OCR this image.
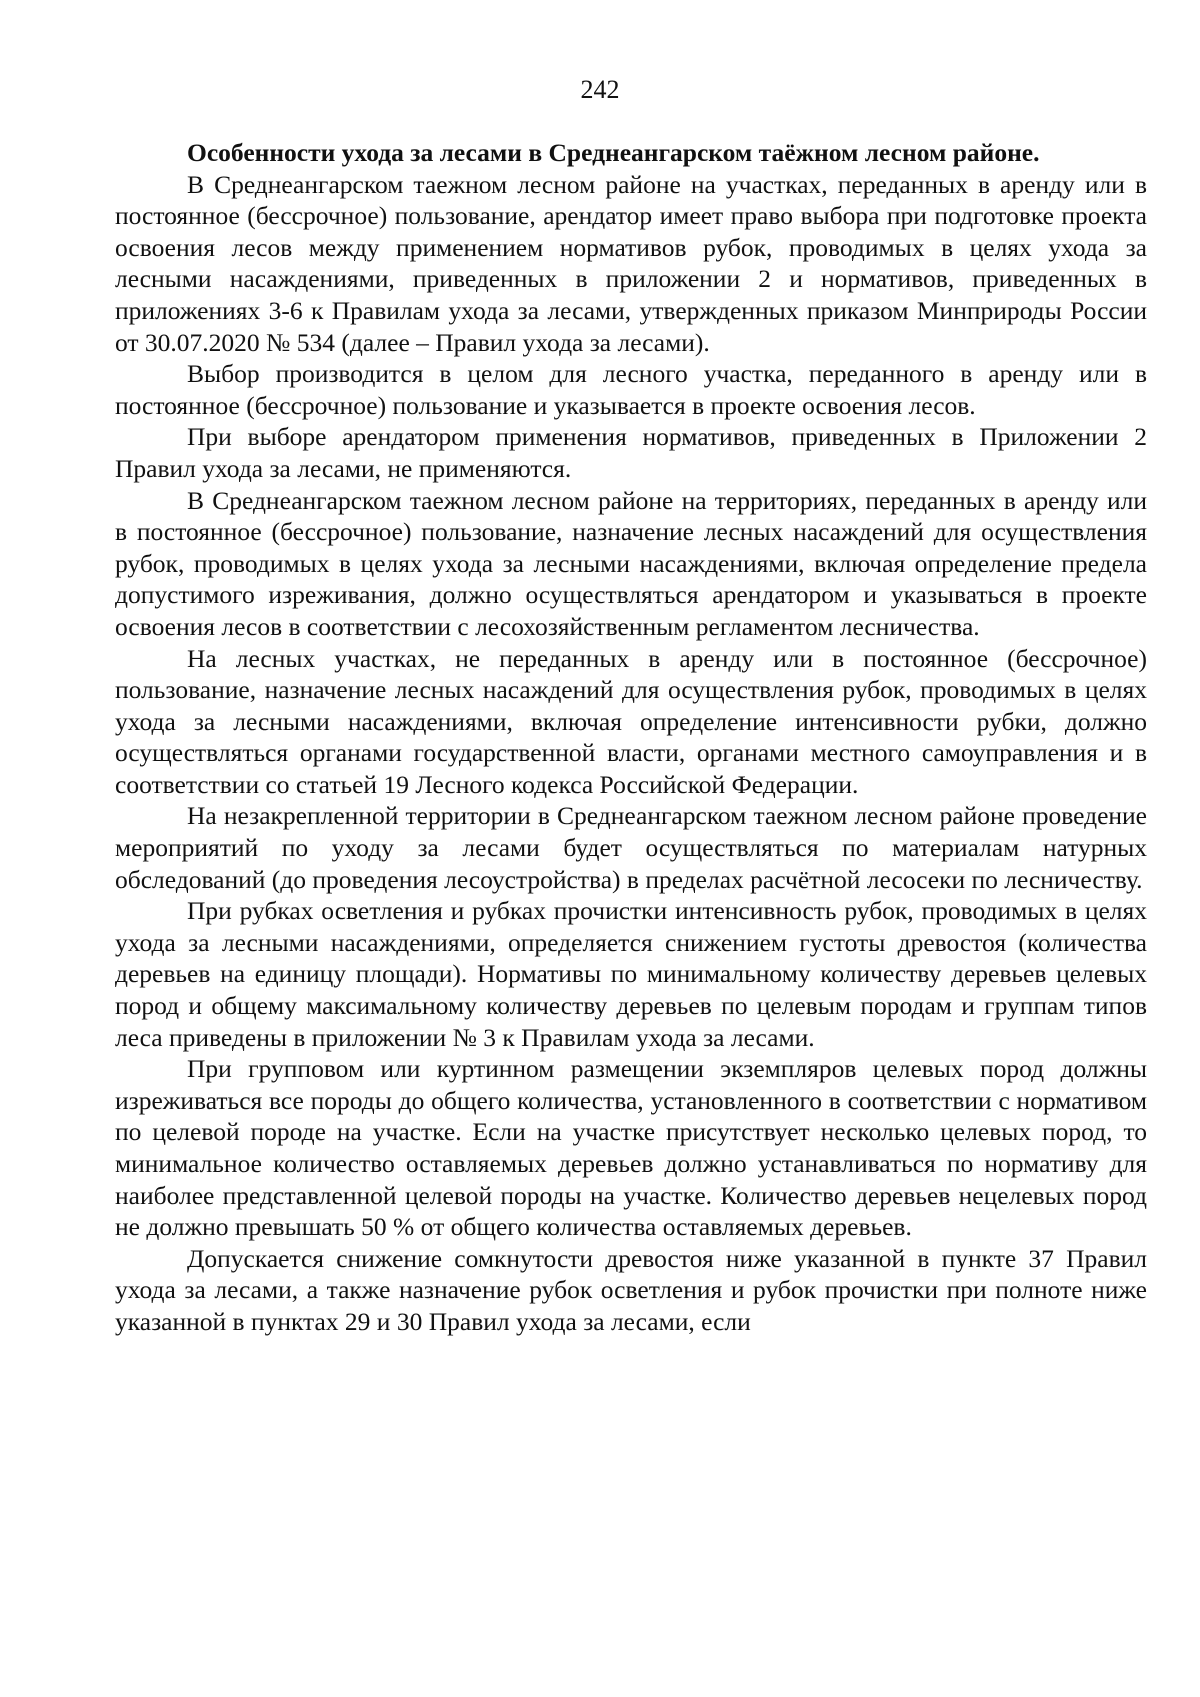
242

Особенности ухода за лесами в Среднеангарском таёжном лесном районе.

В Среднеангарском таежном лесном районе на участках, переданных в аренду или в постоянное (бессрочное) пользование, арендатор имеет право выбора при подготовке проекта освоения лесов между применением нормативов рубок, проводимых в целях ухода за лесными насаждениями, приведенных в приложении 2 и нормативов, приведенных в приложениях 3-6 к Правилам ухода за лесами, утвержденных приказом Минприроды России от 30.07.2020 № 534 (далее – Правил ухода за лесами).

Выбор производится в целом для лесного участка, переданного в аренду или в постоянное (бессрочное) пользование и указывается в проекте освоения лесов.

При выборе арендатором применения нормативов, приведенных в Приложении 2 Правил ухода за лесами, не применяются.

В Среднеангарском таежном лесном районе на территориях, переданных в аренду или в постоянное (бессрочное) пользование, назначение лесных насаждений для осуществления рубок, проводимых в целях ухода за лесными насаждениями, включая определение предела допустимого изреживания, должно осуществляться арендатором и указываться в проекте освоения лесов в соответствии с лесохозяйственным регламентом лесничества.

На лесных участках, не переданных в аренду или в постоянное (бессрочное) пользование, назначение лесных насаждений для осуществления рубок, проводимых в целях ухода за лесными насаждениями, включая определение интенсивности рубки, должно осуществляться органами государственной власти, органами местного самоуправления и в соответствии со статьей 19 Лесного кодекса Российской Федерации.

На незакрепленной территории в Среднеангарском таежном лесном районе проведение мероприятий по уходу за лесами будет осуществляться по материалам натурных обследований (до проведения лесоустройства) в пределах расчётной лесосеки по лесничеству.

При рубках осветления и рубках прочистки интенсивность рубок, проводимых в целях ухода за лесными насаждениями, определяется снижением густоты древостоя (количества деревьев на единицу площади). Нормативы по минимальному количеству деревьев целевых пород и общему максимальному количеству деревьев по целевым породам и группам типов леса приведены в приложении № 3 к Правилам ухода за лесами.

При групповом или куртинном размещении экземпляров целевых пород должны изреживаться все породы до общего количества, установленного в соответствии с нормативом по целевой породе на участке. Если на участке присутствует несколько целевых пород, то минимальное количество оставляемых деревьев должно устанавливаться по нормативу для наиболее представленной целевой породы на участке. Количество деревьев нецелевых пород не должно превышать 50 % от общего количества оставляемых деревьев.

Допускается снижение сомкнутости древостоя ниже указанной в пункте 37 Правил ухода за лесами, а также назначение рубок осветления и рубок прочистки при полноте ниже указанной в пунктах 29 и 30 Правил ухода за лесами, если
